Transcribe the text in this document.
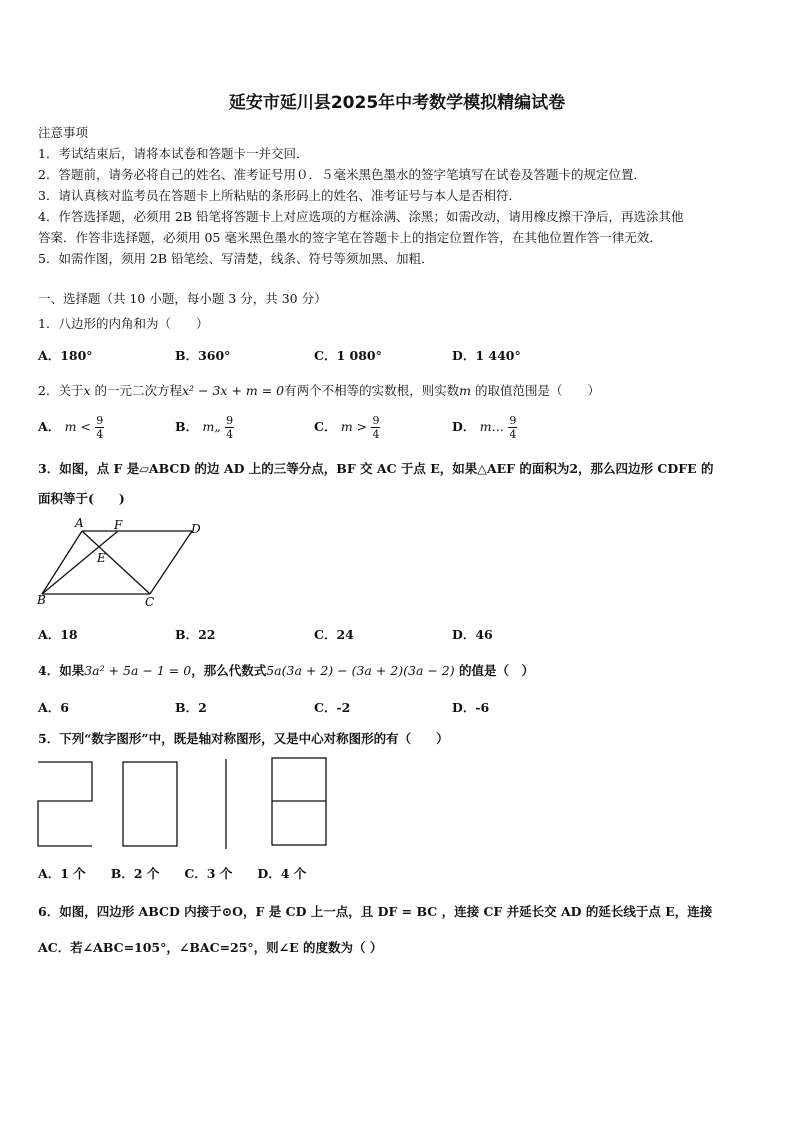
延安市延川县2025年中考数学模拟精编试卷
注意事项
1．考试结束后，请将本试卷和答题卡一并交回．
2．答题前，请务必将自己的姓名、准考证号用０．５毫米黑色墨水的签字笔填写在试卷及答题卡的规定位置．
3．请认真核对监考员在答题卡上所粘贴的条形码上的姓名、准考证号与本人是否相符．
4．作答选择题，必须用 2B 铅笔将答题卡上对应选项的方框涂满、涂黑；如需改动，请用橡皮擦干净后，再选涂其他
答案．作答非选择题，必须用 05 毫米黑色墨水的签字笔在答题卡上的指定位置作答，在其他位置作答一律无效．
5．如需作图，须用 2B 铅笔绘、写清楚，线条、符号等须加黑、加粗．
一、选择题（共 10 小题，每小题 3 分，共 30 分）
1．八边形的内角和为（　　）
A．180°	B．360°	C．1 080°	D．1 440°
2．关于x 的一元二次方程x² − 3x + m = 0有两个不相等的实数根，则实数m 的取值范围是（　　）
A． $m < \frac{9}{4}$	B． m„ $\frac{9}{4}$	C． $m > \frac{9}{4}$	D． m… $\frac{9}{4}$
3．如图，点 F 是▱ABCD 的边 AD 上的三等分点，BF 交 AC 于点 E，如果△AEF 的面积为2，那么四边形 CDFE 的
面积等于(　　)
A	F	D
E
B	C
A．18	B．22	C．24	D．46
4．如果3a² + 5a − 1 = 0，那么代数式5a(3a + 2) − (3a + 2)(3a − 2) 的值是（　）
A．6	B．2	C．-2	D．-6
5．下列“数字图形”中，既是轴对称图形，又是中心对称图形的有（　　）
A．1 个　　B．2 个　　C．3 个　　D．4 个
6．如图，四边形 ABCD 内接于⊙O，F 是 CD 上一点，且 DF = BC ，连接 CF 并延长交 AD 的延长线于点 E，连接
AC．若∠ABC=105°，∠BAC=25°，则∠E 的度数为（ ）
